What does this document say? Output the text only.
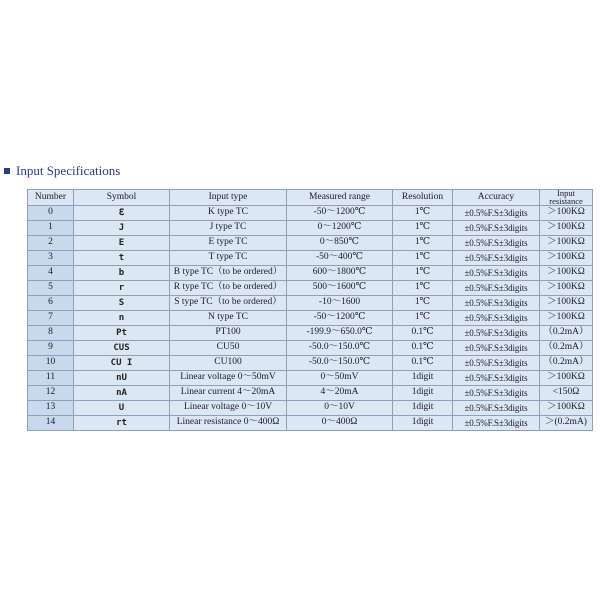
Input Specifications
Number	Symbol	Input type	Measured range	Resolution	Accuracy	Input
resistance

0	ℇ	K type TC	-50～1200℃	1℃	±0.5%F.S±3digits	＞100KΩ
1	J	J type TC	0～1200℃	1℃	±0.5%F.S±3digits	＞100KΩ
2	E	E type TC	0～850℃	1℃	±0.5%F.S±3digits	＞100KΩ
3	t	T type TC	-50～400℃	1℃	±0.5%F.S±3digits	＞100KΩ
4	b	B type TC（to be ordered）	600～1800℃	1℃	±0.5%F.S±3digits	＞100KΩ
5	r	R type TC（to be ordered）	500～1600℃	1℃	±0.5%F.S±3digits	＞100KΩ
6	S	S type TC（to be ordered）	-10～1600	1℃	±0.5%F.S±3digits	＞100KΩ
7	n	N type TC	-50～1200℃	1℃	±0.5%F.S±3digits	＞100KΩ
8	Pt	PT100	-199.9～650.0℃	0.1℃	±0.5%F.S±3digits	（0.2mA）
9	CUS	CU50	-50.0～150.0℃	0.1℃	±0.5%F.S±3digits	（0.2mA）
10	CU I	CU100	-50.0～150.0℃	0.1℃	±0.5%F.S±3digits	（0.2mA）
11	nU	Linear voltage 0～50mV	0～50mV	1digit	±0.5%F.S±3digits	＞100KΩ
12	nA	Linear current 4～20mA	4～20mA	1digit	±0.5%F.S±3digits	<150Ω
13	U	Linear voltage 0～10V	0～10V	1digit	±0.5%F.S±3digits	＞100KΩ
14	rt	Linear resistance 0～400Ω	0～400Ω	1digit	±0.5%F.S±3digits	＞(0.2mA)
